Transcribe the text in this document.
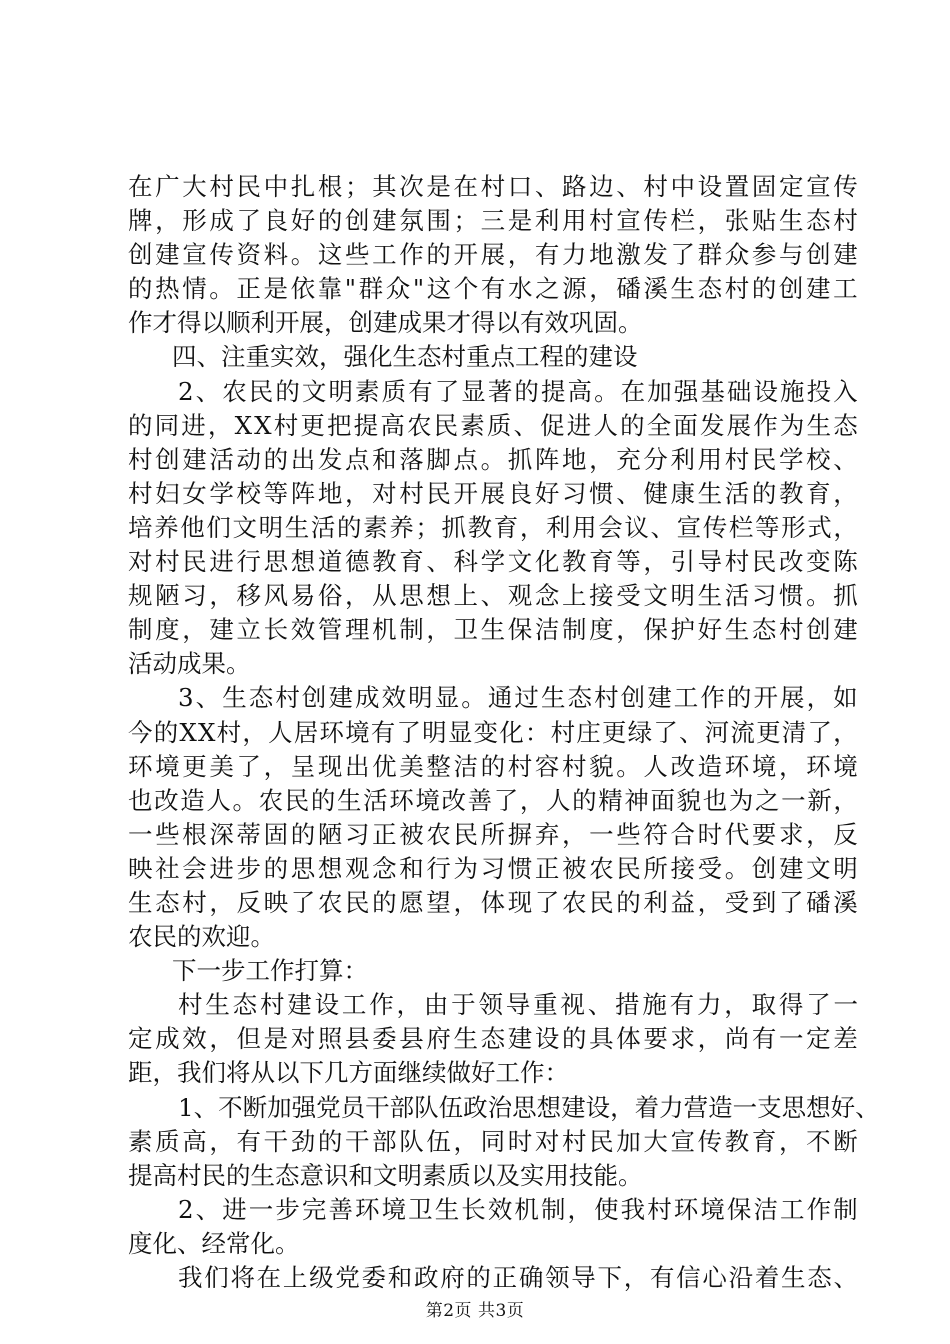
在 广 大 村 民 中 扎 根 ； 其 次 是 在 村 口 、 路 边 、 村 中 设 置 固 定 宣 传
牌 ， 形 成 了 良 好 的 创 建 氛 围 ； 三 是 利 用 村 宣 传 栏 ， 张 贴 生 态 村
创 建 宣 传 资 料 。 这 些 工 作 的 开 展 ， 有 力 地 激 发 了 群 众 参 与 创 建
的 热 情 。 正 是 依 靠 " 群 众 " 这 个 有 水 之 源 ， 磻 溪 生 态 村 的 创 建 工
作才得以顺利开展，创建成果才得以有效巩固。
四、注重实效，强化生态村重点工程的建设
2 、 农 民 的 文 明 素 质 有 了 显 著 的 提 高 。 在 加 强 基 础 设 施 投 入
的 同 进 ， X X 村 更 把 提 高 农 民 素 质 、 促 进 人 的 全 面 发 展 作 为 生 态
村 创 建 活 动 的 出 发 点 和 落 脚 点 。 抓 阵 地 ， 充 分 利 用 村 民 学 校 、
村 妇 女 学 校 等 阵 地 ， 对 村 民 开 展 良 好 习 惯 、 健 康 生 活 的 教 育 ，
培 养 他 们 文 明 生 活 的 素 养 ； 抓 教 育 ， 利 用 会 议 、 宣 传 栏 等 形 式 ，
对 村 民 进 行 思 想 道 德 教 育 、 科 学 文 化 教 育 等 ， 引 导 村 民 改 变 陈
规 陋 习 ， 移 风 易 俗 ， 从 思 想 上 、 观 念 上 接 受 文 明 生 活 习 惯 。 抓
制 度 ， 建 立 长 效 管 理 机 制 ， 卫 生 保 洁 制 度 ， 保 护 好 生 态 村 创 建
活动成果。
3 、 生 态 村 创 建 成 效 明 显 。 通 过 生 态 村 创 建 工 作 的 开 展 ， 如
今 的 X X 村 ， 人 居 环 境 有 了 明 显 变 化 ： 村 庄 更 绿 了 、 河 流 更 清 了 ，
环 境 更 美 了 ， 呈 现 出 优 美 整 洁 的 村 容 村 貌 。 人 改 造 环 境 ， 环 境
也 改 造 人 。 农 民 的 生 活 环 境 改 善 了 ， 人 的 精 神 面 貌 也 为 之 一 新 ，
一 些 根 深 蒂 固 的 陋 习 正 被 农 民 所 摒 弃 ， 一 些 符 合 时 代 要 求 ， 反
映 社 会 进 步 的 思 想 观 念 和 行 为 习 惯 正 被 农 民 所 接 受 。 创 建 文 明
生 态 村 ， 反 映 了 农 民 的 愿 望 ， 体 现 了 农 民 的 利 益 ， 受 到 了 磻 溪
农民的欢迎。
下一步工作打算：
村 生 态 村 建 设 工 作 ， 由 于 领 导 重 视 、 措 施 有 力 ， 取 得 了 一
定 成 效 ， 但 是 对 照 县 委 县 府 生 态 建 设 的 具 体 要 求 ， 尚 有 一 定 差
距，我们将从以下几方面继续做好工作：
1 、 不 断 加 强 党 员 干 部 队 伍 政 治 思 想 建 设 ， 着 力 营 造 一 支 思 想 好 、
素 质 高 ， 有 干 劲 的 干 部 队 伍 ， 同 时 对 村 民 加 大 宣 传 教 育 ， 不 断
提高村民的生态意识和文明素质以及实用技能。
2 、 进 一 步 完 善 环 境 卫 生 长 效 机 制 ， 使 我 村 环 境 保 洁 工 作 制
度化、经常化。
我 们 将 在 上 级 党 委 和 政 府 的 正 确 领 导 下 ， 有 信 心 沿 着 生 态 、
第2页 共3页
